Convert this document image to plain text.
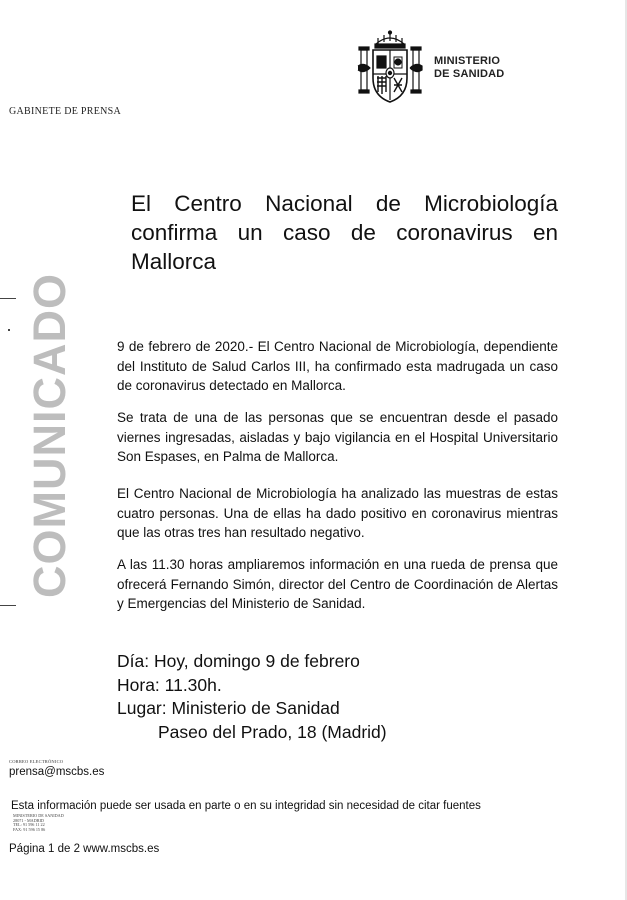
MINISTERIO
DE SANIDAD
GABINETE DE PRENSA
El Centro Nacional de Microbiología confirma un caso de coronavirus en Mallorca
COMUNICADO	9 de febrero de 2020.- El Centro Nacional de Microbiología, dependiente del Instituto de Salud Carlos III, ha confirmado esta madrugada un caso de coronavirus detectado en Mallorca.
Se trata de una de las personas que se encuentran desde el pasado viernes ingresadas, aisladas y bajo vigilancia en el Hospital Universitario Son Espases, en Palma de Mallorca.
El Centro Nacional de Microbiología ha analizado las muestras de estas cuatro personas. Una de ellas ha dado positivo en coronavirus mientras que las otras tres han resultado negativo.
A las 11.30 horas ampliaremos información en una rueda de prensa que ofrecerá Fernando Simón, director del Centro de Coordinación de Alertas y Emergencias del Ministerio de Sanidad.
Día: Hoy, domingo 9 de febrero
Hora: 11.30h.
Lugar: Ministerio de Sanidad
Paseo del Prado, 18 (Madrid)
CORREO ELECTRÓNICO
prensa@mscbs.es
Esta información puede ser usada en parte o en su integridad sin necesidad de citar fuentes
MINISTERIO DE SANIDAD
28071 - MADRID
TEL: 91 596 11 22
FAX: 91 596 15 86
Página 1 de 2 www.mscbs.es
